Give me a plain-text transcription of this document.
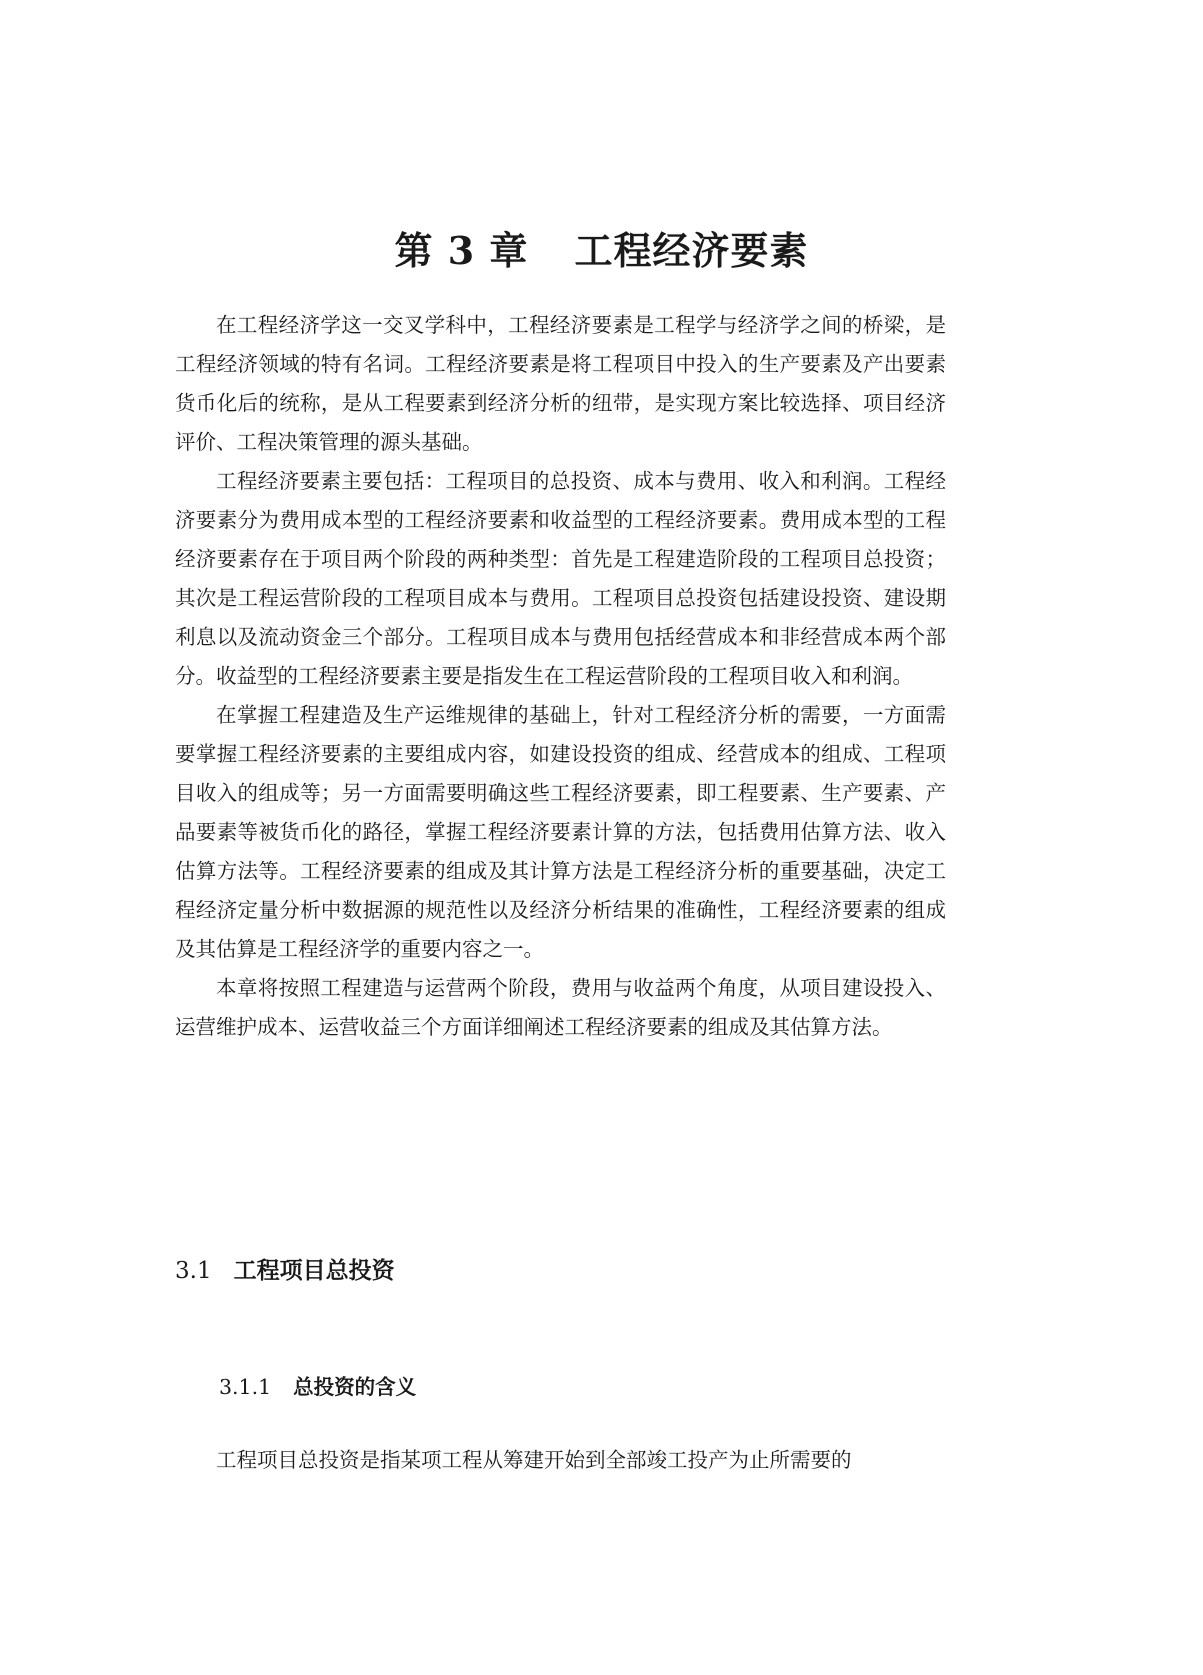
第 3 章 工程经济要素

在工程经济学这一交叉学科中，工程经济要素是工程学与经济学之间的桥梁，是工程经济领域的特有名词。工程经济要素是将工程项目中投入的生产要素及产出要素货币化后的统称，是从工程要素到经济分析的纽带，是实现方案比较选择、项目经济评价、工程决策管理的源头基础。

工程经济要素主要包括：工程项目的总投资、成本与费用、收入和利润。工程经济要素分为费用成本型的工程经济要素和收益型的工程经济要素。费用成本型的工程经济要素存在于项目两个阶段的两种类型：首先是工程建造阶段的工程项目总投资；其次是工程运营阶段的工程项目成本与费用。工程项目总投资包括建设投资、建设期利息以及流动资金三个部分。工程项目成本与费用包括经营成本和非经营成本两个部分。收益型的工程经济要素主要是指发生在工程运营阶段的工程项目收入和利润。

在掌握工程建造及生产运维规律的基础上，针对工程经济分析的需要，一方面需要掌握工程经济要素的主要组成内容，如建设投资的组成、经营成本的组成、工程项目收入的组成等；另一方面需要明确这些工程经济要素，即工程要素、生产要素、产品要素等被货币化的路径，掌握工程经济要素计算的方法，包括费用估算方法、收入估算方法等。工程经济要素的组成及其计算方法是工程经济分析的重要基础，决定工程经济定量分析中数据源的规范性以及经济分析结果的准确性，工程经济要素的组成及其估算是工程经济学的重要内容之一。

本章将按照工程建造与运营两个阶段，费用与收益两个角度，从项目建设投入、运营维护成本、运营收益三个方面详细阐述工程经济要素的组成及其估算方法。

3.1 工程项目总投资
3.1.1 总投资的含义

工程项目总投资是指某项工程从筹建开始到全部竣工投产为止所需要的
